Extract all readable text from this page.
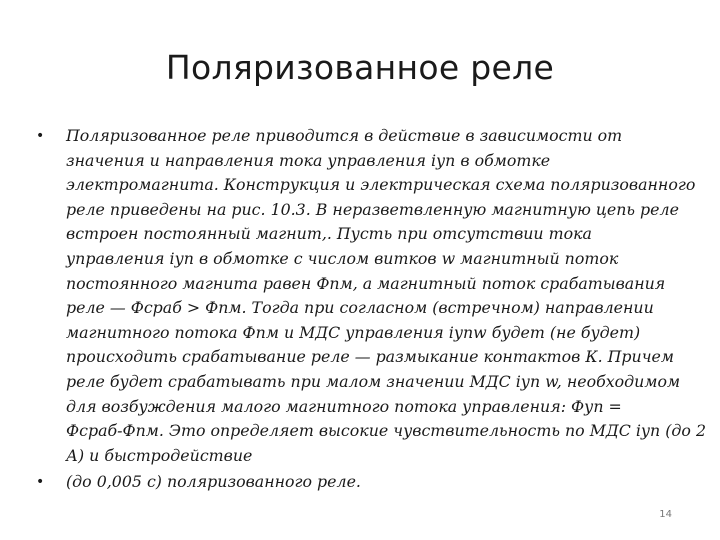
Поляризованное реле
• Поляризованное реле приводится в действие в зависимости от
значения и направления тока управления iуп в обмотке
электромагнита. Конструкция и электрическая схема поляризованного
реле приведены на рис. 10.3. В неразветвленную магнитную цепь реле
встроен постоянный магнит,. Пусть при отсутствии тока
управления iуп в обмотке с числом витков w магнитный поток
постоянного магнита равен Фпм, а магнитный поток срабатывания
реле — Фсраб > Фпм. Тогда при согласном (встречном) направлении
магнитного потока Фпм и МДС управления iупw будет (не будет)
происходить срабатывание реле — размыкание контактов К. Причем
реле будет срабатывать при малом значении МДС iуп w, необходимом
для возбуждения малого магнитного потока управления: Фуп =
Фсраб-Фпм. Это определяет высокие чувствительность по МДС iуп (до 2
А) и быстродействие
• (до 0,005 с) поляризованного реле.
14
